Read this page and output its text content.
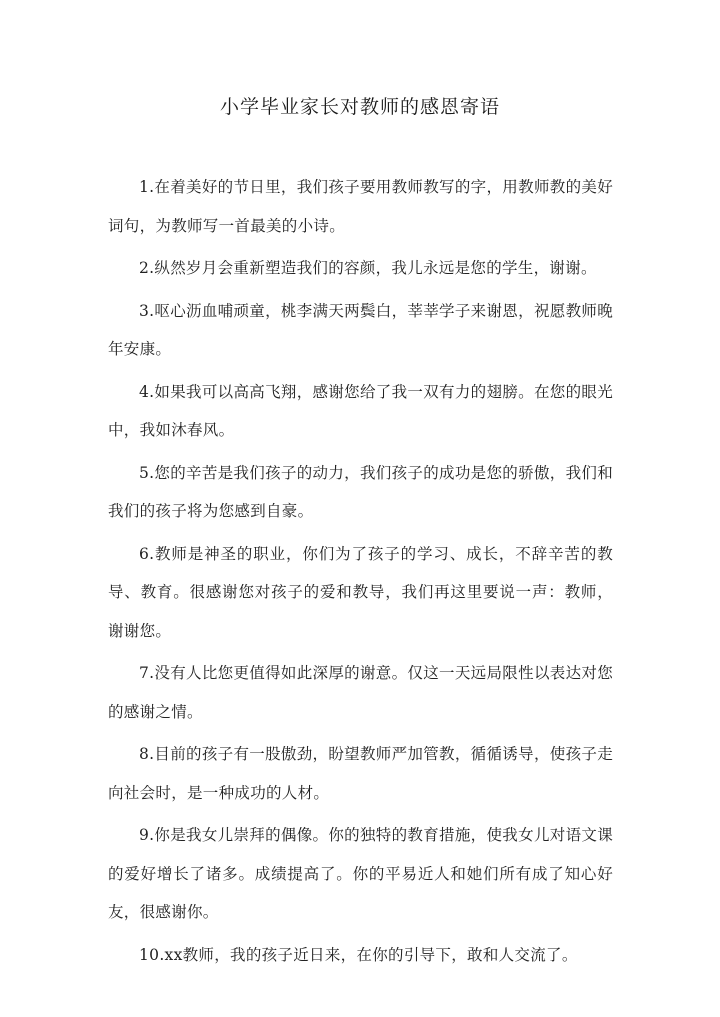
小学毕业家长对教师的感恩寄语

1.在着美好的节日里，我们孩子要用教师教写的字，用教师教的美好词句，为教师写一首最美的小诗。

2.纵然岁月会重新塑造我们的容颜，我儿永远是您的学生，谢谢。

3.呕心沥血哺顽童，桃李满天两鬓白，莘莘学子来谢恩，祝愿教师晚年安康。

4.如果我可以高高飞翔，感谢您给了我一双有力的翅膀。在您的眼光中，我如沐春风。

5.您的辛苦是我们孩子的动力，我们孩子的成功是您的骄傲，我们和我们的孩子将为您感到自豪。

6.教师是神圣的职业，你们为了孩子的学习、成长，不辞辛苦的教导、教育。很感谢您对孩子的爱和教导，我们再这里要说一声：教师，谢谢您。

7.没有人比您更值得如此深厚的谢意。仅这一天远局限性以表达对您的感谢之情。

8.目前的孩子有一股傲劲，盼望教师严加管教，循循诱导，使孩子走向社会时，是一种成功的人材。

9.你是我女儿崇拜的偶像。你的独特的教育措施，使我女儿对语文课的爱好增长了诸多。成绩提高了。你的平易近人和她们所有成了知心好友，很感谢你。

10.xx教师，我的孩子近日来，在你的引导下，敢和人交流了。
